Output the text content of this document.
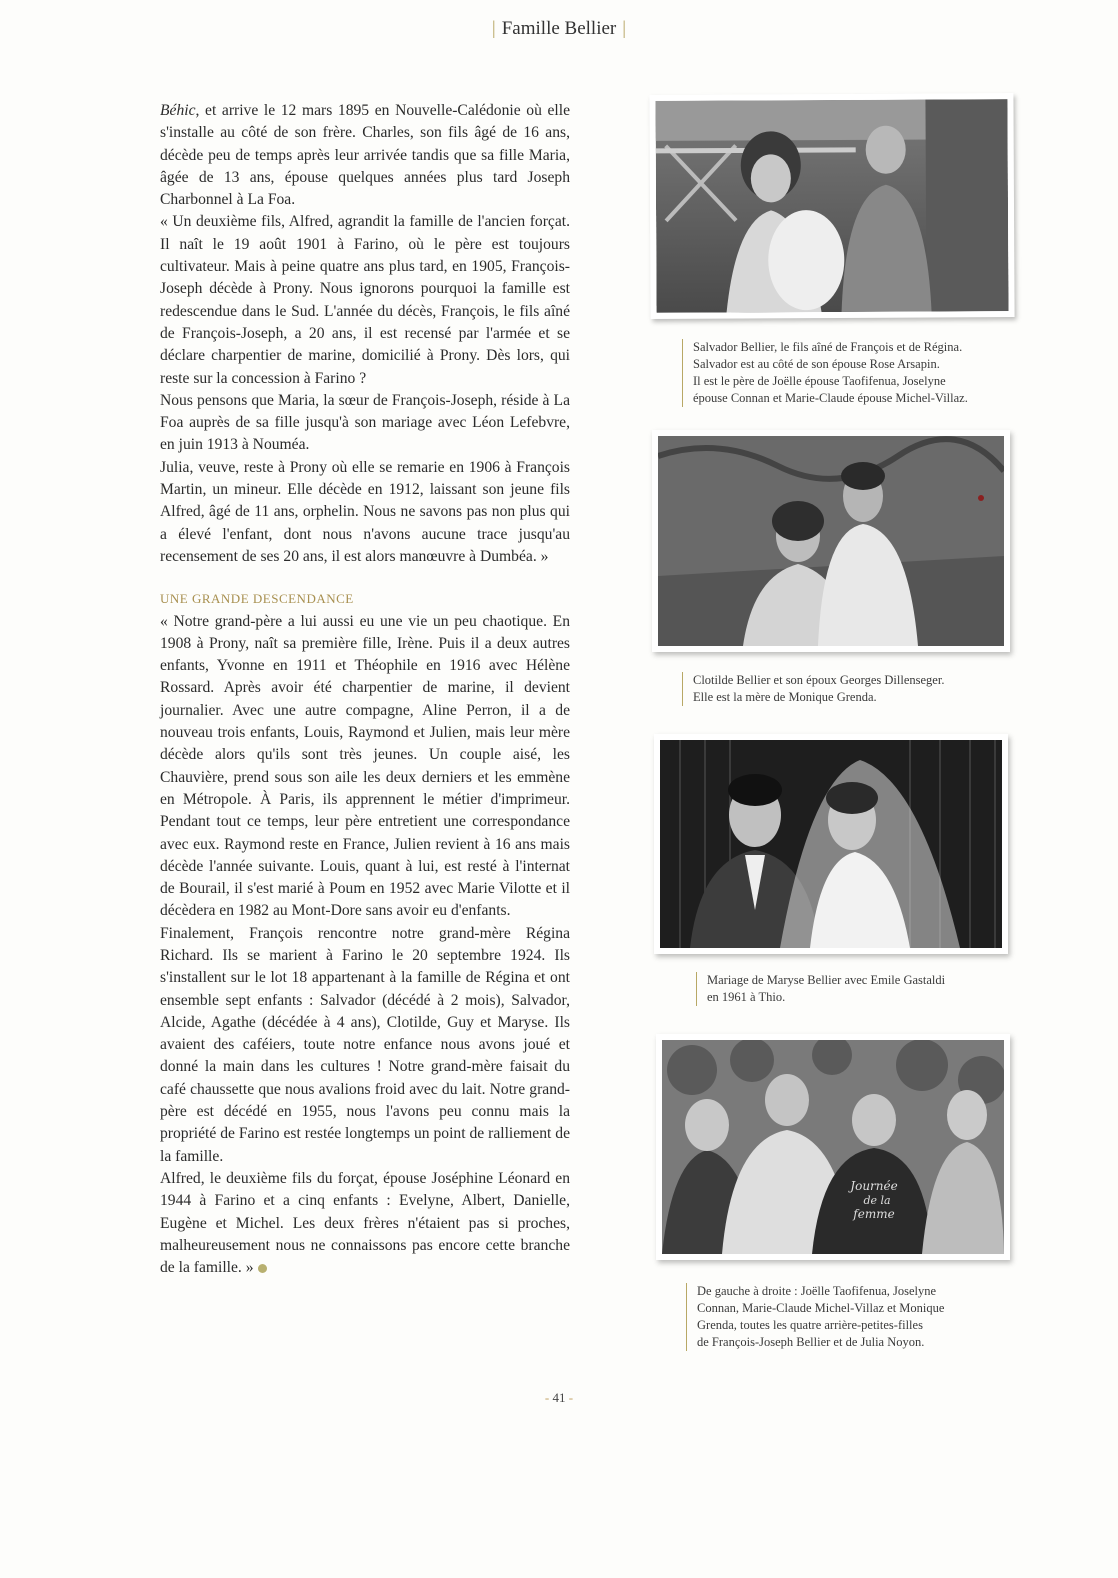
| Famille Bellier |

Béhic, et arrive le 12 mars 1895 en Nouvelle-Calédonie où elle s'installe au côté de son frère. Charles, son fils âgé de 16 ans, décède peu de temps après leur arrivée tandis que sa fille Maria, âgée de 13 ans, épouse quelques années plus tard Joseph Charbonnel à La Foa.

« Un deuxième fils, Alfred, agrandit la famille de l'ancien forçat. Il naît le 19 août 1901 à Farino, où le père est toujours cultivateur. Mais à peine quatre ans plus tard, en 1905, François-Joseph décède à Prony. Nous ignorons pourquoi la famille est redescendue dans le Sud. L'année du décès, François, le fils aîné de François-Joseph, a 20 ans, il est recensé par l'armée et se déclare charpentier de marine, domicilié à Prony. Dès lors, qui reste sur la concession à Farino ?

Nous pensons que Maria, la sœur de François-Joseph, réside à La Foa auprès de sa fille jusqu'à son mariage avec Léon Lefebvre, en juin 1913 à Nouméa.

Julia, veuve, reste à Prony où elle se remarie en 1906 à François Martin, un mineur. Elle décède en 1912, laissant son jeune fils Alfred, âgé de 11 ans, orphelin. Nous ne savons pas non plus qui a élevé l'enfant, dont nous n'avons aucune trace jusqu'au recensement de ses 20 ans, il est alors manœuvre à Dumbéa. »

UNE GRANDE DESCENDANCE

« Notre grand-père a lui aussi eu une vie un peu chaotique. En 1908 à Prony, naît sa première fille, Irène. Puis il a deux autres enfants, Yvonne en 1911 et Théophile en 1916 avec Hélène Rossard. Après avoir été charpentier de marine, il devient journalier. Avec une autre compagne, Aline Perron, il a de nouveau trois enfants, Louis, Raymond et Julien, mais leur mère décède alors qu'ils sont très jeunes. Un couple aisé, les Chauvière, prend sous son aile les deux derniers et les emmène en Métropole. À Paris, ils apprennent le métier d'imprimeur. Pendant tout ce temps, leur père entretient une correspondance avec eux. Raymond reste en France, Julien revient à 16 ans mais décède l'année suivante. Louis, quant à lui, est resté à l'internat de Bourail, il s'est marié à Poum en 1952 avec Marie Vilotte et il décèdera en 1982 au Mont-Dore sans avoir eu d'enfants.

Finalement, François rencontre notre grand-mère Régina Richard. Ils se marient à Farino le 20 septembre 1924. Ils s'installent sur le lot 18 appartenant à la famille de Régina et ont ensemble sept enfants : Salvador (décédé à 2 mois), Salvador, Alcide, Agathe (décédée à 4 ans), Clotilde, Guy et Maryse. Ils avaient des caféiers, toute notre enfance nous avons joué et donné la main dans les cultures ! Notre grand-mère faisait du café chaussette que nous avalions froid avec du lait. Notre grand-père est décédé en 1955, nous l'avons peu connu mais la propriété de Farino est restée longtemps un point de ralliement de la famille.

Alfred, le deuxième fils du forçat, épouse Joséphine Léonard en 1944 à Farino et a cinq enfants : Evelyne, Albert, Danielle, Eugène et Michel. Les deux frères n'étaient pas si proches, malheureusement nous ne connaissons pas encore cette branche de la famille. »

Salvador Bellier, le fils aîné de François et de Régina.
Salvador est au côté de son épouse Rose Arsapin.
Il est le père de Joëlle épouse Taofifenua, Joselyne
épouse Connan et Marie-Claude épouse Michel-Villaz.
Clotilde Bellier et son époux Georges Dillenseger.
Elle est la mère de Monique Grenda.
Mariage de Maryse Bellier avec Emile Gastaldi
en 1961 à Thio.
Journée
de la
femme
De gauche à droite : Joëlle Taofifenua, Joselyne
Connan, Marie-Claude Michel-Villaz et Monique
Grenda, toutes les quatre arrière-petites-filles
de François-Joseph Bellier et de Julia Noyon.
- 41 -
